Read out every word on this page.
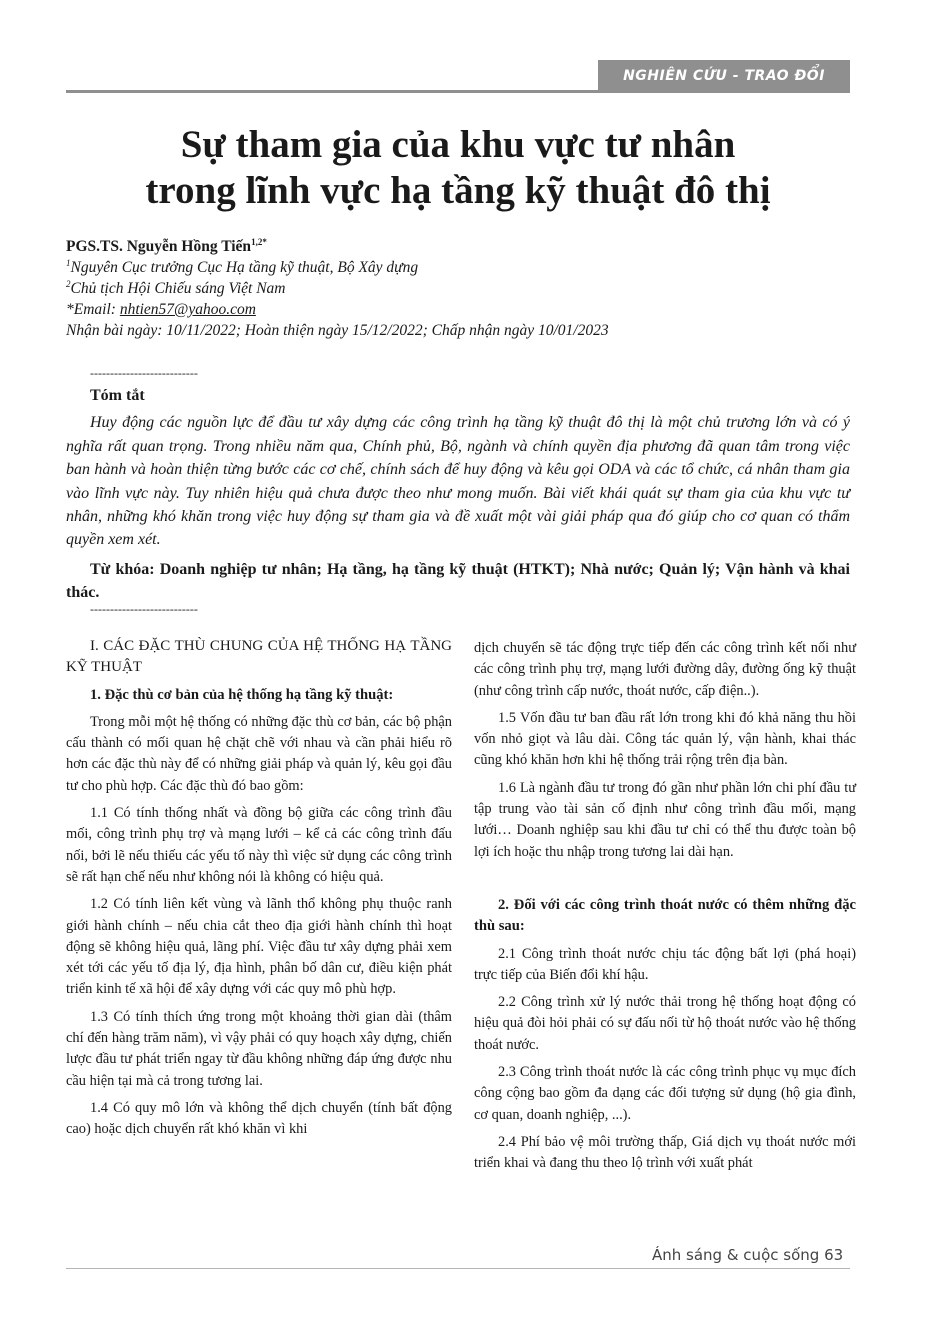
NGHIÊN CỨU - TRAO ĐỔI
Sự tham gia của khu vực tư nhân
trong lĩnh vực hạ tầng kỹ thuật đô thị
PGS.TS. Nguyễn Hồng Tiến$^{1,2*}$
$^1$Nguyên Cục trưởng Cục Hạ tầng kỹ thuật, Bộ Xây dựng
$^2$Chủ tịch Hội Chiếu sáng Việt Nam
*Email: nhtien57@yahoo.com
Nhận bài ngày: 10/11/2022; Hoàn thiện ngày 15/12/2022; Chấp nhận ngày 10/01/2023
---------------------------
Tóm tắt
Huy động các nguồn lực để đầu tư xây dựng các công trình hạ tầng kỹ thuật đô thị là một chủ trương lớn và có ý nghĩa rất quan trọng. Trong nhiều năm qua, Chính phủ, Bộ, ngành và chính quyền địa phương đã quan tâm trong việc ban hành và hoàn thiện từng bước các cơ chế, chính sách để huy động và kêu gọi ODA và các tổ chức, cá nhân tham gia vào lĩnh vực này. Tuy nhiên hiệu quả chưa được theo như mong muốn. Bài viết khái quát sự tham gia của khu vực tư nhân, những khó khăn trong việc huy động sự tham gia và đề xuất một vài giải pháp qua đó giúp cho cơ quan có thẩm quyền xem xét.
Từ khóa: Doanh nghiệp tư nhân; Hạ tầng, hạ tầng kỹ thuật (HTKT); Nhà nước; Quản lý; Vận hành và khai thác.
---------------------------
I. CÁC ĐẶC THÙ CHUNG CỦA HỆ THỐNG HẠ TẦNG KỸ THUẬT
1. Đặc thù cơ bản của hệ thống hạ tầng kỹ thuật:

Trong mỗi một hệ thống có những đặc thù cơ bản, các bộ phận cấu thành có mối quan hệ chặt chẽ với nhau và cần phải hiểu rõ hơn các đặc thù này để có những giải pháp và quản lý, kêu gọi đầu tư cho phù hợp. Các đặc thù đó bao gồm:

1.1 Có tính thống nhất và đồng bộ giữa các công trình đầu mối, công trình phụ trợ và mạng lưới – kể cả các công trình đấu nối, bởi lẽ nếu thiếu các yếu tố này thì việc sử dụng các công trình sẽ rất hạn chế nếu như không nói là không có hiệu quả.

1.2 Có tính liên kết vùng và lãnh thổ không phụ thuộc ranh giới hành chính – nếu chia cắt theo địa giới hành chính thì hoạt động sẽ không hiệu quả, lãng phí. Việc đầu tư xây dựng phải xem xét tới các yếu tố địa lý, địa hình, phân bố dân cư, điều kiện phát triển kinh tế xã hội để xây dựng với các quy mô phù hợp.

1.3 Có tính thích ứng trong một khoảng thời gian dài (thâm chí đến hàng trăm năm), vì vậy phải có quy hoạch xây dựng, chiến lược đầu tư phát triển ngay từ đầu không những đáp ứng được nhu cầu hiện tại mà cả trong tương lai.

1.4 Có quy mô lớn và không thể dịch chuyển (tính bất động cao) hoặc dịch chuyển rất khó khăn vì khi

dịch chuyển sẽ tác động trực tiếp đến các công trình kết nối như các công trình phụ trợ, mạng lưới đường dây, đường ống kỹ thuật (như công trình cấp nước, thoát nước, cấp điện..).

1.5 Vốn đầu tư ban đầu rất lớn trong khi đó khả năng thu hồi vốn nhỏ giọt và lâu dài. Công tác quản lý, vận hành, khai thác cũng khó khăn hơn khi hệ thống trải rộng trên địa bàn.

1.6 Là ngành đầu tư trong đó gần như phần lớn chi phí đầu tư tập trung vào tài sản cố định như công trình đầu mối, mạng lưới… Doanh nghiệp sau khi đầu tư chỉ có thể thu được toàn bộ lợi ích hoặc thu nhập trong tương lai dài hạn.

2. Đối với các công trình thoát nước có thêm những đặc thù sau:

2.1 Công trình thoát nước chịu tác động bất lợi (phá hoại) trực tiếp của Biến đổi khí hậu.

2.2 Công trình xử lý nước thải trong hệ thống hoạt động có hiệu quả đòi hỏi phải có sự đấu nối từ hộ thoát nước vào hệ thống thoát nước.

2.3 Công trình thoát nước là các công trình phục vụ mục đích công cộng bao gồm đa dạng các đối tượng sử dụng (hộ gia đình, cơ quan, doanh nghiệp, ...).

2.4 Phí bảo vệ môi trường thấp, Giá dịch vụ thoát nước mới triển khai và đang thu theo lộ trình với xuất phát

Ánh sáng & cuộc sống 63
